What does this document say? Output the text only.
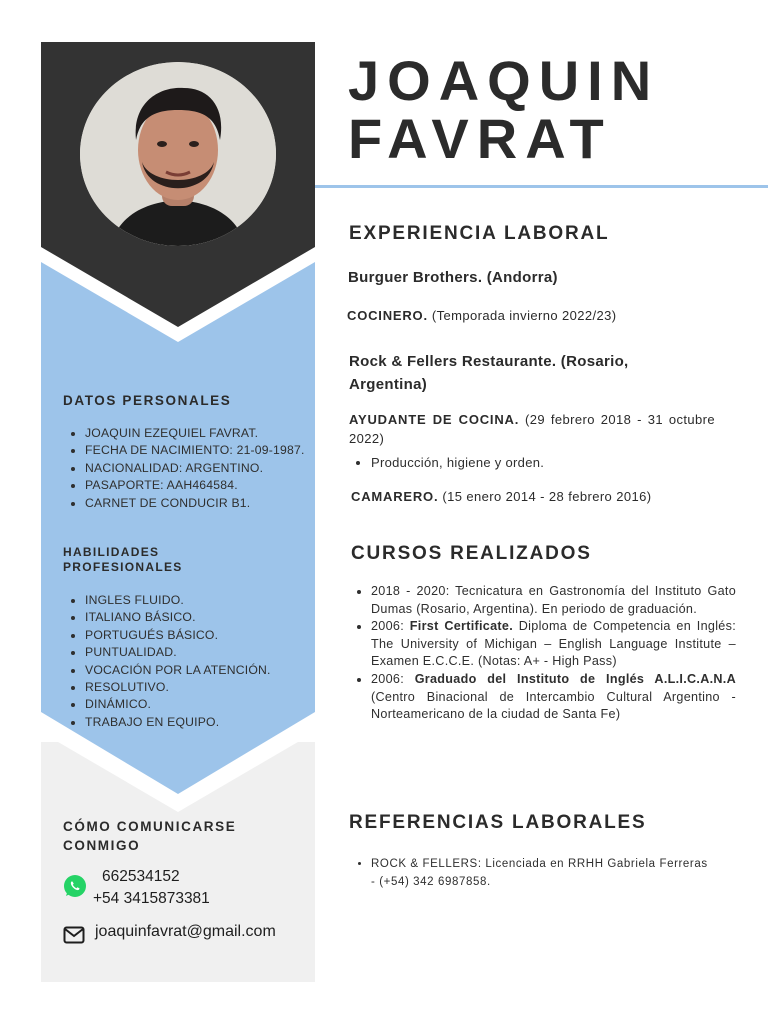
DATOS PERSONALES
• JOAQUIN EZEQUIEL FAVRAT.
• FECHA DE NACIMIENTO: 21-09-1987.
• NACIONALIDAD: ARGENTINO.
• PASAPORTE: AAH464584.
• CARNET DE CONDUCIR B1.
HABILIDADES
PROFESIONALES
• INGLES FLUIDO.
• ITALIANO BÁSICO.
• PORTUGUÉS BÁSICO.
• PUNTUALIDAD.
• VOCACIÓN POR LA ATENCIÓN.
• RESOLUTIVO.
• DINÁMICO.
• TRABAJO EN EQUIPO.
CÓMO COMUNICARSE
CONMIGO
662534152
+54 3415873381
joaquinfavrat@gmail.com
JOAQUIN
FAVRAT
EXPERIENCIA LABORAL
Burguer Brothers. (Andorra)
COCINERO. (Temporada invierno 2022/23)
Rock & Fellers Restaurante. (Rosario,
Argentina)
AYUDANTE DE COCINA. (29 febrero 2018 - 31 octubre 2022)
• Producción, higiene y orden.
CAMARERO. (15 enero 2014 - 28 febrero 2016)
CURSOS REALIZADOS
• 2018 - 2020: Tecnicatura en Gastronomía del Instituto Gato Dumas (Rosario, Argentina). En periodo de graduación.
• 2006: First Certificate. Diploma de Competencia en Inglés: The University of Michigan – English Language Institute – Examen E.C.C.E. (Notas: A+ - High Pass)
• 2006: Graduado del Instituto de Inglés A.L.I.C.A.N.A (Centro Binacional de Intercambio Cultural Argentino - Norteamericano de la ciudad de Santa Fe)
REFERENCIAS LABORALES
• ROCK & FELLERS: Licenciada en RRHH Gabriela Ferreras - (+54) 342 6987858.
